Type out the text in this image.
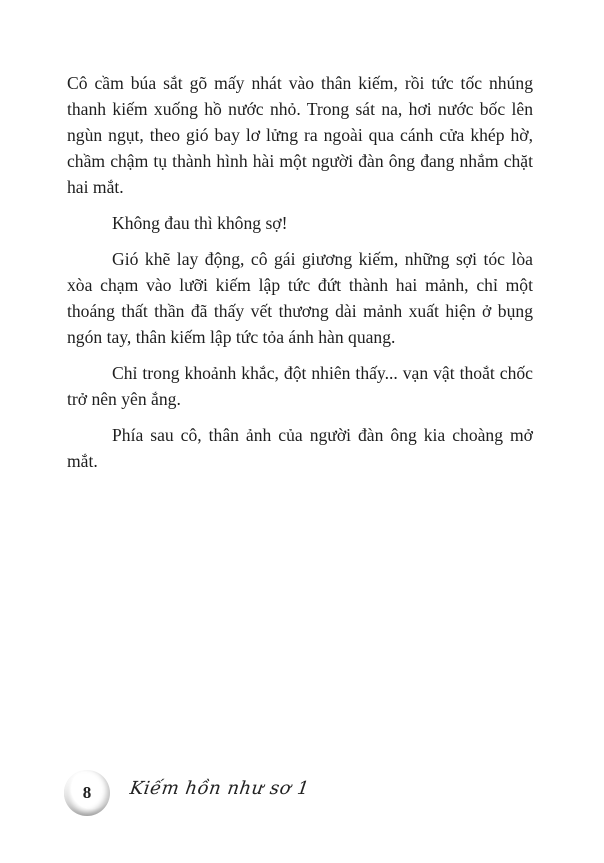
Cô cầm búa sắt gõ mấy nhát vào thân kiếm, rồi tức tốc nhúng thanh kiếm xuống hồ nước nhỏ. Trong sát na, hơi nước bốc lên ngùn ngụt, theo gió bay lơ lửng ra ngoài qua cánh cửa khép hờ, chầm chậm tụ thành hình hài một người đàn ông đang nhắm chặt hai mắt.

Không đau thì không sợ!

Gió khẽ lay động, cô gái giương kiếm, những sợi tóc lòa xòa chạm vào lưỡi kiếm lập tức đứt thành hai mảnh, chỉ một thoáng thất thần đã thấy vết thương dài mảnh xuất hiện ở bụng ngón tay, thân kiếm lập tức tỏa ánh hàn quang.

Chỉ trong khoảnh khắc, đột nhiên thấy... vạn vật thoắt chốc trở nên yên ắng.

Phía sau cô, thân ảnh của người đàn ông kia choàng mở mắt.

8	Kiếm hồn như sơ 1
